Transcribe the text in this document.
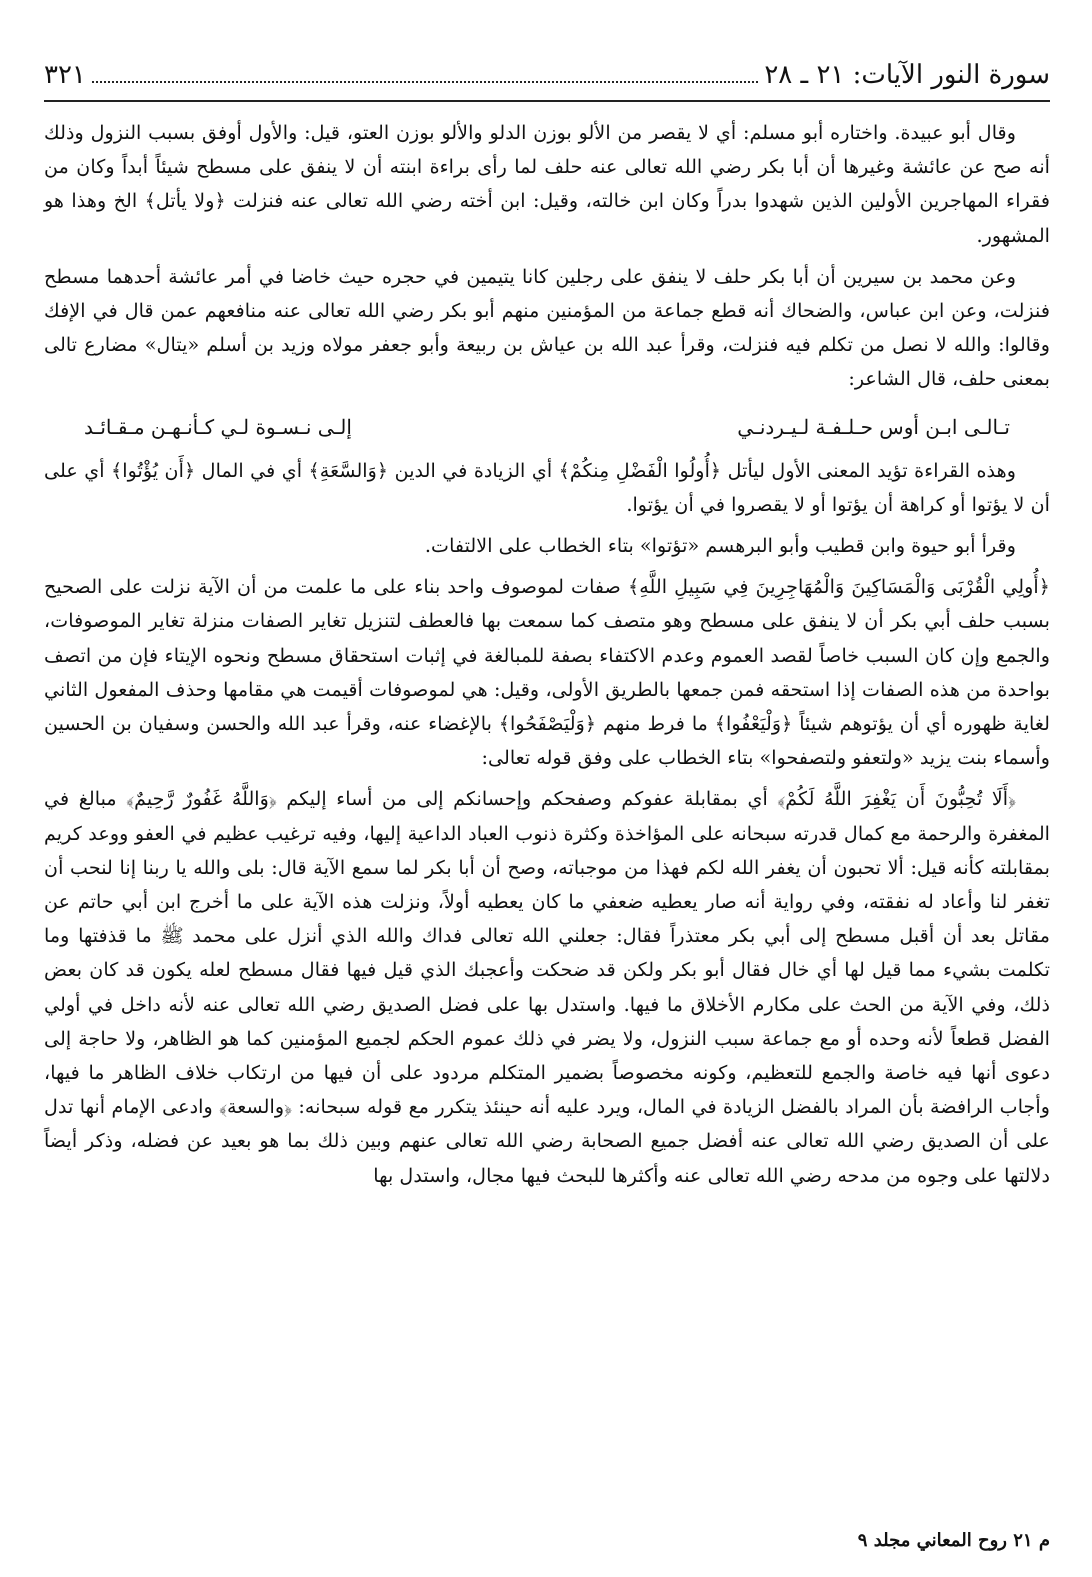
سورة النور الآيات: ٢١ ـ ٢٨
٣٢١

وقال أبو عبيدة. واختاره أبو مسلم: أي لا يقصر من الألو بوزن الدلو والألو بوزن العتو، قيل: والأول أوفق بسبب النزول وذلك أنه صح عن عائشة وغيرها أن أبا بكر رضي الله تعالى عنه حلف لما رأى براءة ابنته أن لا ينفق على مسطح شيئاً أبداً وكان من فقراء المهاجرين الأولين الذين شهدوا بدراً وكان ابن خالته، وقيل: ابن أخته رضي الله تعالى عنه فنزلت ﴿ولا يأتل﴾ الخ وهذا هو المشهور.

وعن محمد بن سيرين أن أبا بكر حلف لا ينفق على رجلين كانا يتيمين في حجره حيث خاضا في أمر عائشة أحدهما مسطح فنزلت، وعن ابن عباس، والضحاك أنه قطع جماعة من المؤمنين منهم أبو بكر رضي الله تعالى عنه منافعهم عمن قال في الإفك وقالوا: والله لا نصل من تكلم فيه فنزلت، وقرأ عبد الله بن عياش بن ربيعة وأبو جعفر مولاه وزيد بن أسلم «يتال» مضارع تالى بمعنى حلف، قال الشاعر:

تـالـى ابـن أوس حـلـفـة لـيـردنـي
إلـى نـسـوة لـي كـأنـهـن مـقـائـد

وهذه القراءة تؤيد المعنى الأول ليأتل ﴿أُولُوا الْفَضْلِ مِنكُمْ﴾ أي الزيادة في الدين ﴿وَالسَّعَةِ﴾ أي في المال ﴿أَن يُؤْتُوا﴾ أي على أن لا يؤتوا أو كراهة أن يؤتوا أو لا يقصروا في أن يؤتوا.

وقرأ أبو حيوة وابن قطيب وأبو البرهسم «تؤتوا» بتاء الخطاب على الالتفات.

﴿أُولِي الْقُرْبَى وَالْمَسَاكِينَ وَالْمُهَاجِرِينَ فِي سَبِيلِ اللَّهِ﴾ صفات لموصوف واحد بناء على ما علمت من أن الآية نزلت على الصحيح بسبب حلف أبي بكر أن لا ينفق على مسطح وهو متصف كما سمعت بها فالعطف لتنزيل تغاير الصفات منزلة تغاير الموصوفات، والجمع وإن كان السبب خاصاً لقصد العموم وعدم الاكتفاء بصفة للمبالغة في إثبات استحقاق مسطح ونحوه الإيتاء فإن من اتصف بواحدة من هذه الصفات إذا استحقه فمن جمعها بالطريق الأولى، وقيل: هي لموصوفات أقيمت هي مقامها وحذف المفعول الثاني لغاية ظهوره أي أن يؤتوهم شيئاً ﴿وَلْيَعْفُوا﴾ ما فرط منهم ﴿وَلْيَصْفَحُوا﴾ بالإغضاء عنه، وقرأ عبد الله والحسن وسفيان بن الحسين وأسماء بنت يزيد «ولتعفو ولتصفحوا» بتاء الخطاب على وفق قوله تعالى:

﴿أَلَا تُحِبُّونَ أَن يَغْفِرَ اللَّهُ لَكُمْ﴾ أي بمقابلة عفوكم وصفحكم وإحسانكم إلى من أساء إليكم ﴿وَاللَّهُ غَفُورٌ رَّحِيمٌ﴾ مبالغ في المغفرة والرحمة مع كمال قدرته سبحانه على المؤاخذة وكثرة ذنوب العباد الداعية إليها، وفيه ترغيب عظيم في العفو ووعد كريم بمقابلته كأنه قيل: ألا تحبون أن يغفر الله لكم فهذا من موجباته، وصح أن أبا بكر لما سمع الآية قال: بلى والله يا ربنا إنا لنحب أن تغفر لنا وأعاد له نفقته، وفي رواية أنه صار يعطيه ضعفي ما كان يعطيه أولاً، ونزلت هذه الآية على ما أخرج ابن أبي حاتم عن مقاتل بعد أن أقبل مسطح إلى أبي بكر معتذراً فقال: جعلني الله تعالى فداك والله الذي أنزل على محمد ﷺ ما قذفتها وما تكلمت بشيء مما قيل لها أي خال فقال أبو بكر ولكن قد ضحكت وأعجبك الذي قيل فيها فقال مسطح لعله يكون قد كان بعض ذلك، وفي الآية من الحث على مكارم الأخلاق ما فيها. واستدل بها على فضل الصديق رضي الله تعالى عنه لأنه داخل في أولي الفضل قطعاً لأنه وحده أو مع جماعة سبب النزول، ولا يضر في ذلك عموم الحكم لجميع المؤمنين كما هو الظاهر، ولا حاجة إلى دعوى أنها فيه خاصة والجمع للتعظيم، وكونه مخصوصاً بضمير المتكلم مردود على أن فيها من ارتكاب خلاف الظاهر ما فيها، وأجاب الرافضة بأن المراد بالفضل الزيادة في المال، ويرد عليه أنه حينئذ يتكرر مع قوله سبحانه: ﴿والسعة﴾ وادعى الإمام أنها تدل على أن الصديق رضي الله تعالى عنه أفضل جميع الصحابة رضي الله تعالى عنهم وبين ذلك بما هو بعيد عن فضله، وذكر أيضاً دلالتها على وجوه من مدحه رضي الله تعالى عنه وأكثرها للبحث فيها مجال، واستدل بها

م ٢١ روح المعاني مجلد ٩
